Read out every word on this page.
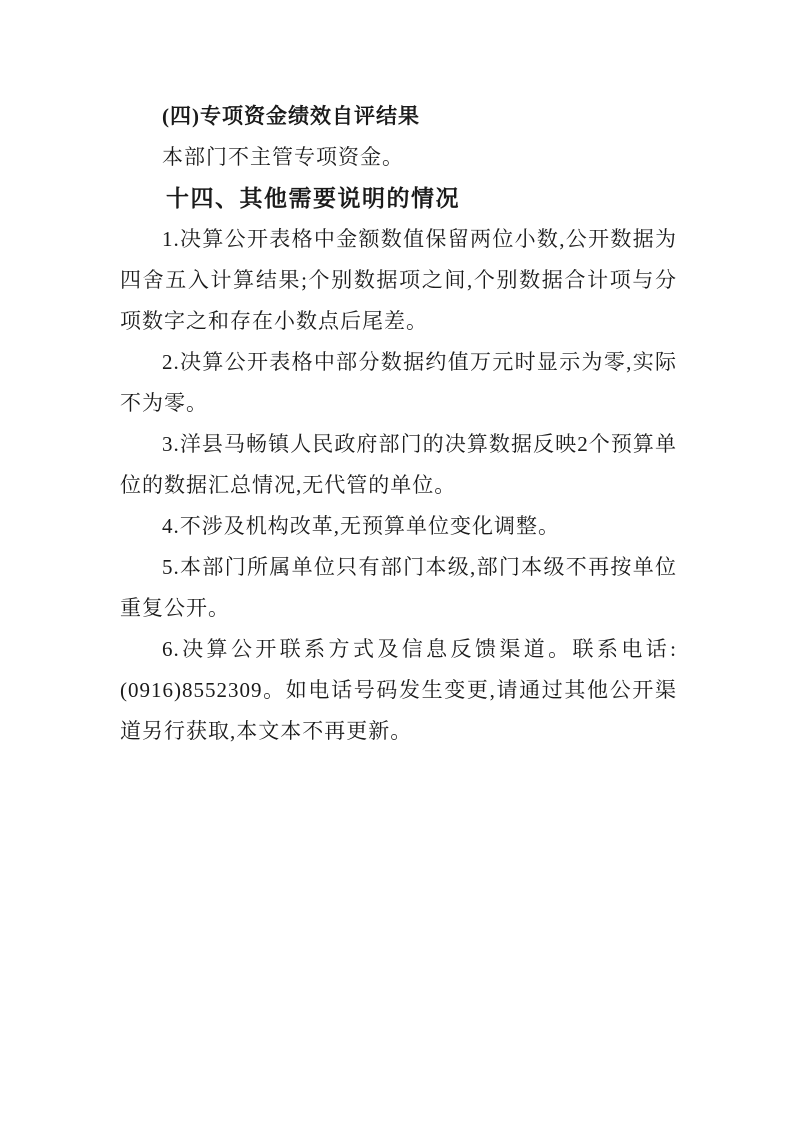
(四)专项资金绩效自评结果

本部门不主管专项资金。

十四、其他需要说明的情况

1.决算公开表格中金额数值保留两位小数,公开数据为四舍五入计算结果;个别数据项之间,个别数据合计项与分项数字之和存在小数点后尾差。

2.决算公开表格中部分数据约值万元时显示为零,实际不为零。

3.洋县马畅镇人民政府部门的决算数据反映2个预算单位的数据汇总情况,无代管的单位。

4.不涉及机构改革,无预算单位变化调整。

5.本部门所属单位只有部门本级,部门本级不再按单位重复公开。

6.决算公开联系方式及信息反馈渠道。联系电话:(0916)8552309。如电话号码发生变更,请通过其他公开渠道另行获取,本文本不再更新。
